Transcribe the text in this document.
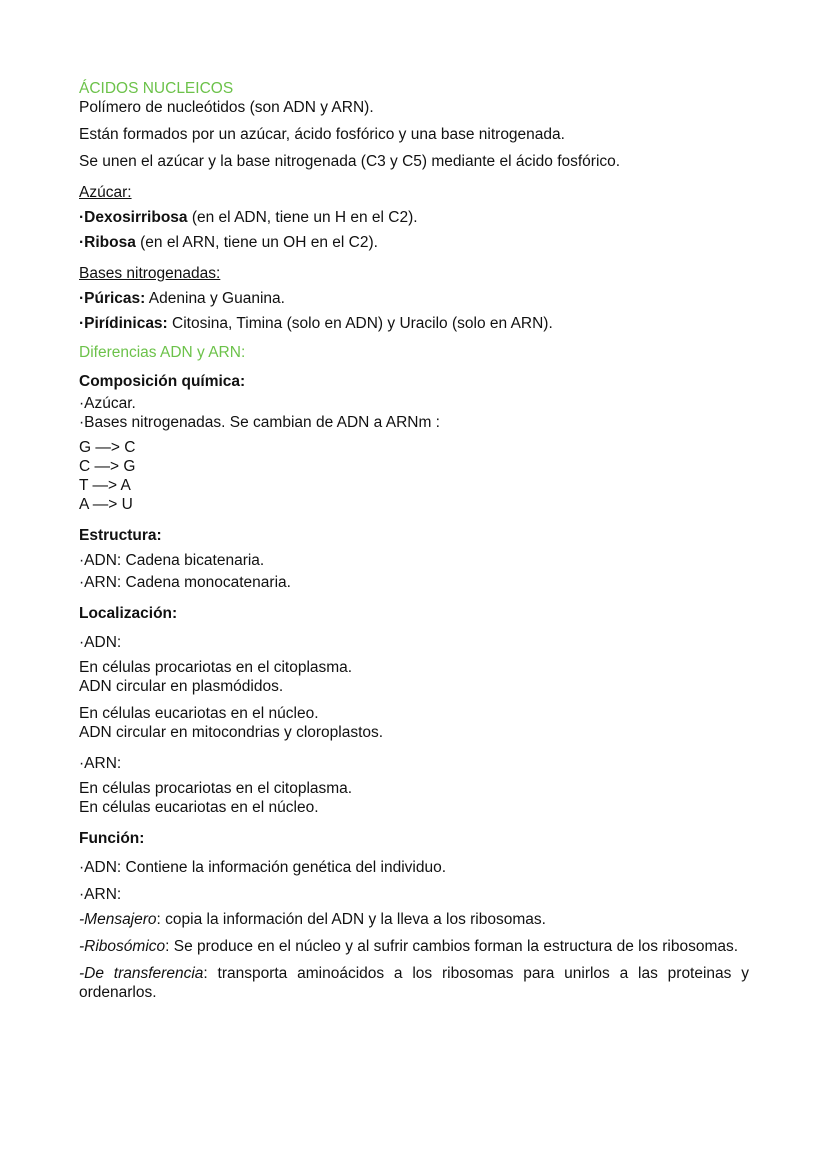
ÁCIDOS NUCLEICOS

Polímero de nucleótidos (son ADN y ARN).

Están formados por un azúcar, ácido fosfórico y una base nitrogenada.

Se unen el azúcar y la base nitrogenada (C3 y C5) mediante el ácido fosfórico.

Azúcar:

·Dexosirribosa (en el ADN, tiene un H en el C2).

·Ribosa (en el ARN, tiene un OH en el C2).

Bases nitrogenadas:

·Púricas: Adenina y Guanina.

·Pirídinicas: Citosina, Timina (solo en ADN) y Uracilo (solo en ARN).

Diferencias ADN y ARN:

Composición química:

·Azúcar.

·Bases nitrogenadas. Se cambian de ADN a ARNm :

G —> C

C —> G

T —> A

A —> U

Estructura:

·ADN: Cadena bicatenaria.

·ARN: Cadena monocatenaria.

Localización:

·ADN:

En células procariotas en el citoplasma.

ADN circular en plasmódidos.

En células eucariotas en el núcleo.

ADN circular en mitocondrias y cloroplastos.

·ARN:

En células procariotas en el citoplasma.

En células eucariotas en el núcleo.

Función:

·ADN: Contiene la información genética del individuo.

·ARN:

-Mensajero: copia la información del ADN y la lleva a los ribosomas.

-Ribosómico: Se produce en el núcleo y al sufrir cambios forman la estructura de los ribosomas.

-De transferencia: transporta aminoácidos a los ribosomas para unirlos a las proteinas y ordenarlos.
